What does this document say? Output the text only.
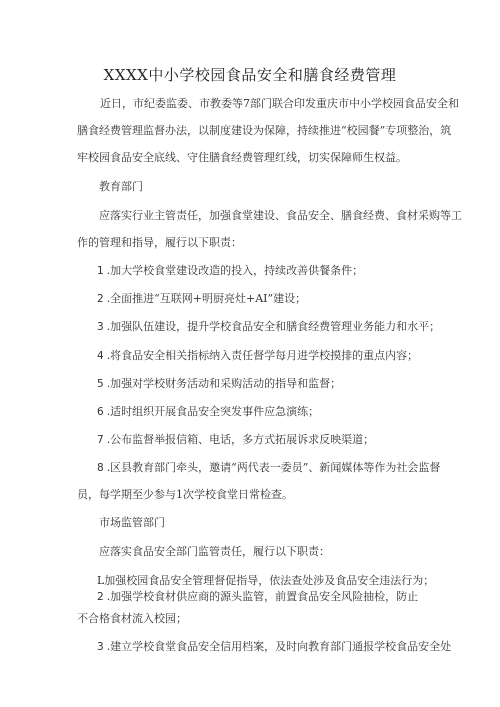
XXXX中小学校园食品安全和膳食经费管理
近日，市纪委监委、市教委等7部门联合印发重庆市中小学校园食品安全和
膳食经费管理监督办法，以制度建设为保障，持续推进“校园餐”专项整治，筑
牢校园食品安全底线、守住膳食经费管理红线，切实保障师生权益。
教育部门
应落实行业主管责任，加强食堂建设、食品安全、膳食经费、食材采购等工
作的管理和指导，履行以下职责：
1 .加大学校食堂建设改造的投入，持续改善供餐条件；
2 .全面推进“互联网+明厨亮灶+AI”建设；
3 .加强队伍建设，提升学校食品安全和膳食经费管理业务能力和水平；
4 .将食品安全相关指标纳入责任督学每月进学校摸排的重点内容；
5 .加强对学校财务活动和采购活动的指导和监督；
6 .适时组织开展食品安全突发事件应急演练；
7 .公布监督举报信箱、电话，多方式拓展诉求反映渠道；
8 .区县教育部门牵头，邀请“两代表一委员”、新闻媒体等作为社会监督
员，每学期至少参与1次学校食堂日常检查。
市场监管部门
应落实食品安全部门监管责任，履行以下职责：
L加强校园食品安全管理督促指导，依法查处涉及食品安全违法行为；
2 .加强学校食材供应商的源头监管，前置食品安全风险抽检，防止
不合格食材流入校园；
3 .建立学校食堂食品安全信用档案，及时向教育部门通报学校食品安全处
